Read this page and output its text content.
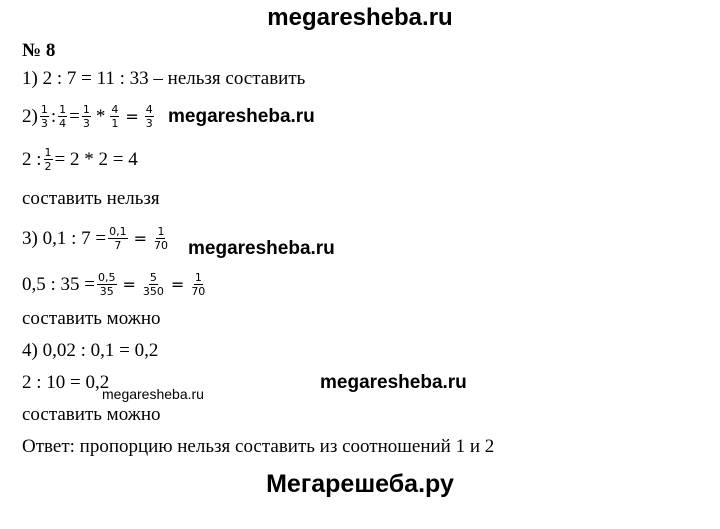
megaresheba.ru
№ 8
1) 2 : 7 = 11 : 33 – нельзя составить
$2) \frac{1}{3}$ : $\frac{1}{4} = \frac{1}{3} * \frac{4}{1} = \frac{4}{3}$ megaresheba.ru
2 : $\frac{1}{2} = 2 * 2 = 4$
составить нельзя
3) 0,1 : $7 = \frac{0,1}{7} = \frac{1}{70}$ megaresheba.ru
0,5 : $35 = \frac{0,5}{35} = \frac{5}{350} = \frac{1}{70}$
составить можно
4) 0,02 : 0,1 = 0,2
2 : 10 = 0,2
megaresheba.ru
megaresheba.ru
составить можно
Ответ: пропорцию нельзя составить из соотношений 1 и 2
Мегарешеба.ру
